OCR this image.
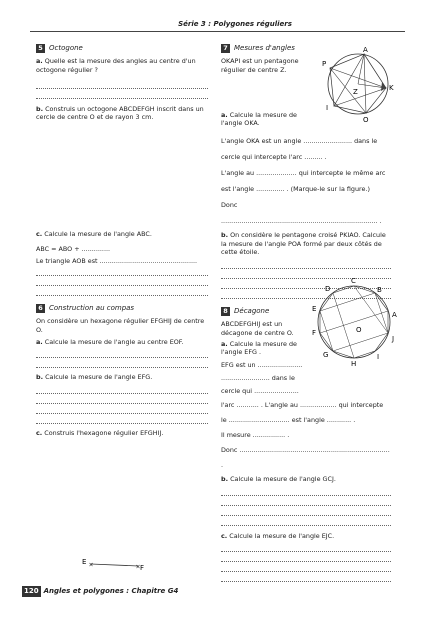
Série 3 : Polygones réguliers
5 Octogone
a. Quelle est la mesure des angles au centre d'un octogone régulier ?
b. Construis un octogone ABCDEFGH inscrit dans un cercle de centre O et de rayon 3 cm.
c. Calcule la mesure de l'angle ABC.
ABC = ABO + ..............
Le triangle AOB est ................................................
6 Construction au compas
On considère un hexagone régulier EFGHIJ de centre O.
a. Calcule la mesure de l'angle au centre EOF.
b. Calcule la mesure de l'angle EFG.
c. Construis l'hexagone régulier EFGHIJ.
E ×	× F
7 Mesures d'angles
OKAPI est un pentagone régulier de centre Z.
a. Calcule la mesure de l'angle OKA.
L'angle OKA est un angle ........................ dans le
cercle qui intercepte l'arc ......... .
L'angle au .................... qui intercepte le même arc
est l'angle .............. . (Marque-le sur la figure.)
Donc ............................................................................. .
b. On considère le pentagone croisé PKIAO. Calcule la mesure de l'angle POA formé par deux côtés de cette étoile.
8 Décagone
ABCDEFGHIJ est un décagone de centre O.
a. Calcule la mesure de l'angle EFG .
EFG est un ......................
........................ dans le
cercle qui ......................
l'arc ........... . L'angle au .................. qui intercepte
le .............................. est l'angle ............ .
Il mesure ................ .
Donc .......................................................................... .
b. Calcule la mesure de l'angle GCJ.
c. Calcule la mesure de l'angle EJC.
A
P
K
Z
I
O
C
B
D
A
E
J
F	O
I
G
H
120 Angles et polygones : Chapitre G4
